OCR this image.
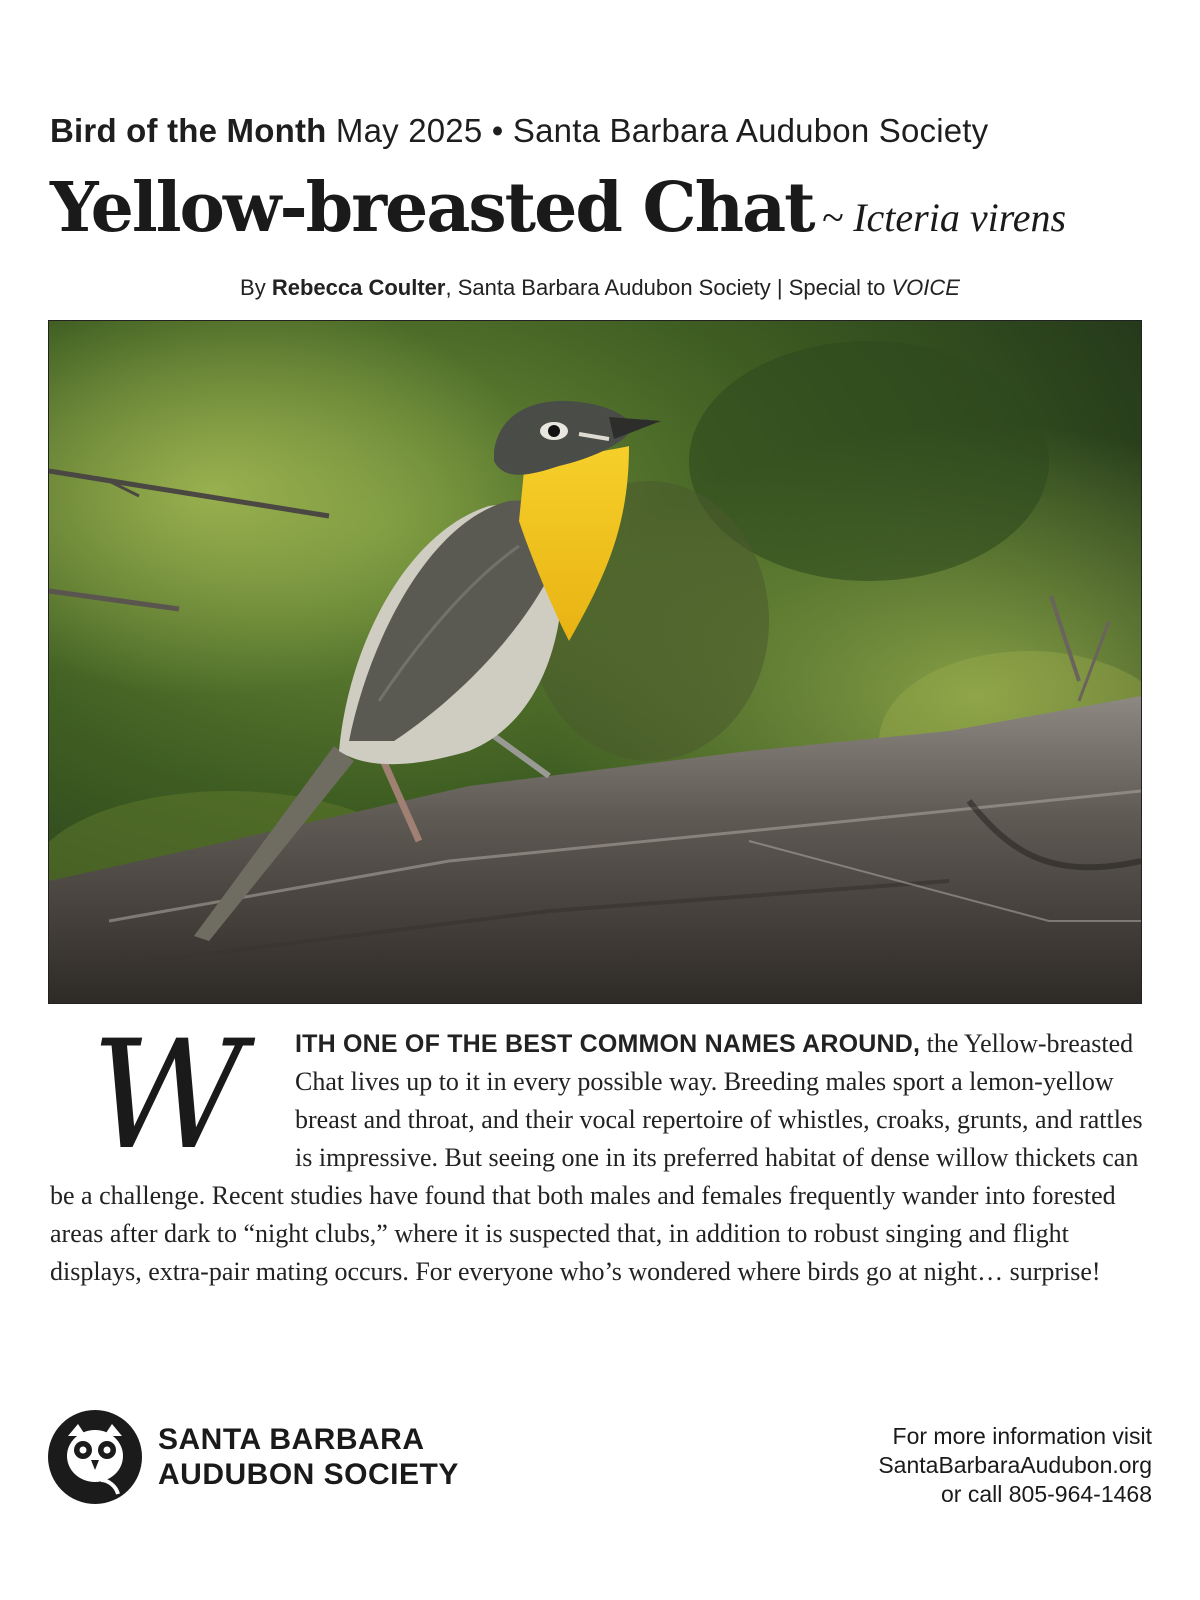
Bird of the Month May 2025 • Santa Barbara Audubon Society
Yellow-breasted Chat ~ Icteria virens
By Rebecca Coulter, Santa Barbara Audubon Society | Special to VOICE
W	ITH ONE OF THE BEST COMMON NAMES AROUND, the Yellow-breasted Chat lives up to it in every possible way. Breeding males sport a lemon-yellow breast and throat, and their vocal repertoire of whistles, croaks, grunts, and rattles is impressive. But seeing one in its preferred habitat of dense willow thickets can be a challenge. Recent studies have found that both males and females frequently wander into forested areas after dark to “night clubs,” where it is suspected that, in addition to robust singing and flight displays, extra-pair mating occurs. For everyone who’s wondered where birds go at night… surprise!
SANTA BARBARA
AUDUBON SOCIETY
For more information visit
SantaBarbaraAudubon.org
or call 805-964-1468
